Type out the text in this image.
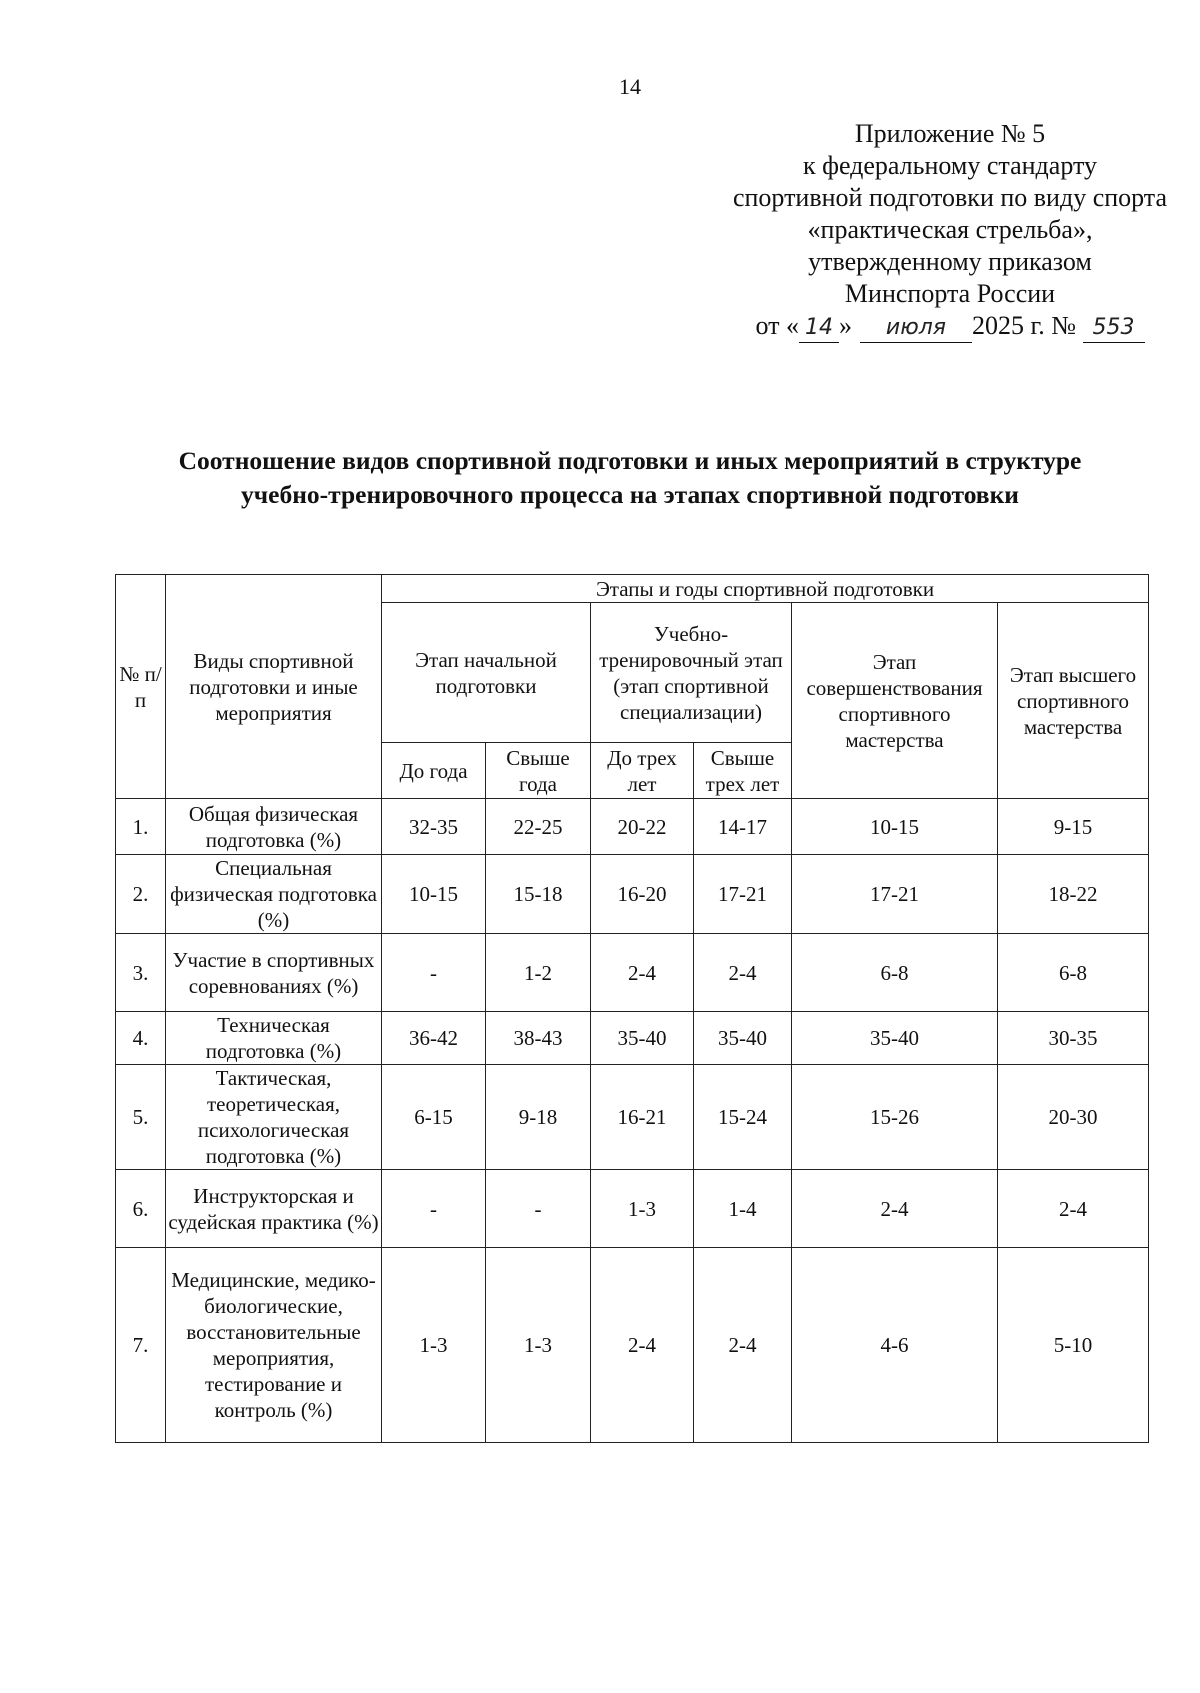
14
Приложение № 5
к федеральному стандарту
спортивной подготовки по виду спорта
«практическая стрельба»,
утвержденному приказом
Минспорта России
от « 14 » июля 2025 г. № 553
Соотношение видов спортивной подготовки и иных мероприятий в структуре
учебно-тренировочного процесса на этапах спортивной подготовки
№ п/п	Виды спортивной подготовки и иные мероприятия	Этапы и годы спортивной подготовки					
		Этап начальной подготовки		Учебно-тренировочный этап (этап спортивной специализации)		Этап совершенствования спортивного мастерства	Этап высшего спортивного мастерства
		До года	Свыше года	До трех лет	Свыше трех лет		
1.	Общая физическая подготовка (%)	32-35	22-25	20-22	14-17	10-15	9-15
2.	Специальная физическая подготовка (%)	10-15	15-18	16-20	17-21	17-21	18-22
3.	Участие в спортивных соревнованиях (%)	-	1-2	2-4	2-4	6-8	6-8
4.	Техническая подготовка (%)	36-42	38-43	35-40	35-40	35-40	30-35
5.	Тактическая, теоретическая, психологическая подготовка (%)	6-15	9-18	16-21	15-24	15-26	20-30
6.	Инструкторская и судейская практика (%)	-	-	1-3	1-4	2-4	2-4
7.	Медицинские, медико-биологические, восстановительные мероприятия, тестирование и контроль (%)	1-3	1-3	2-4	2-4	4-6	5-10
